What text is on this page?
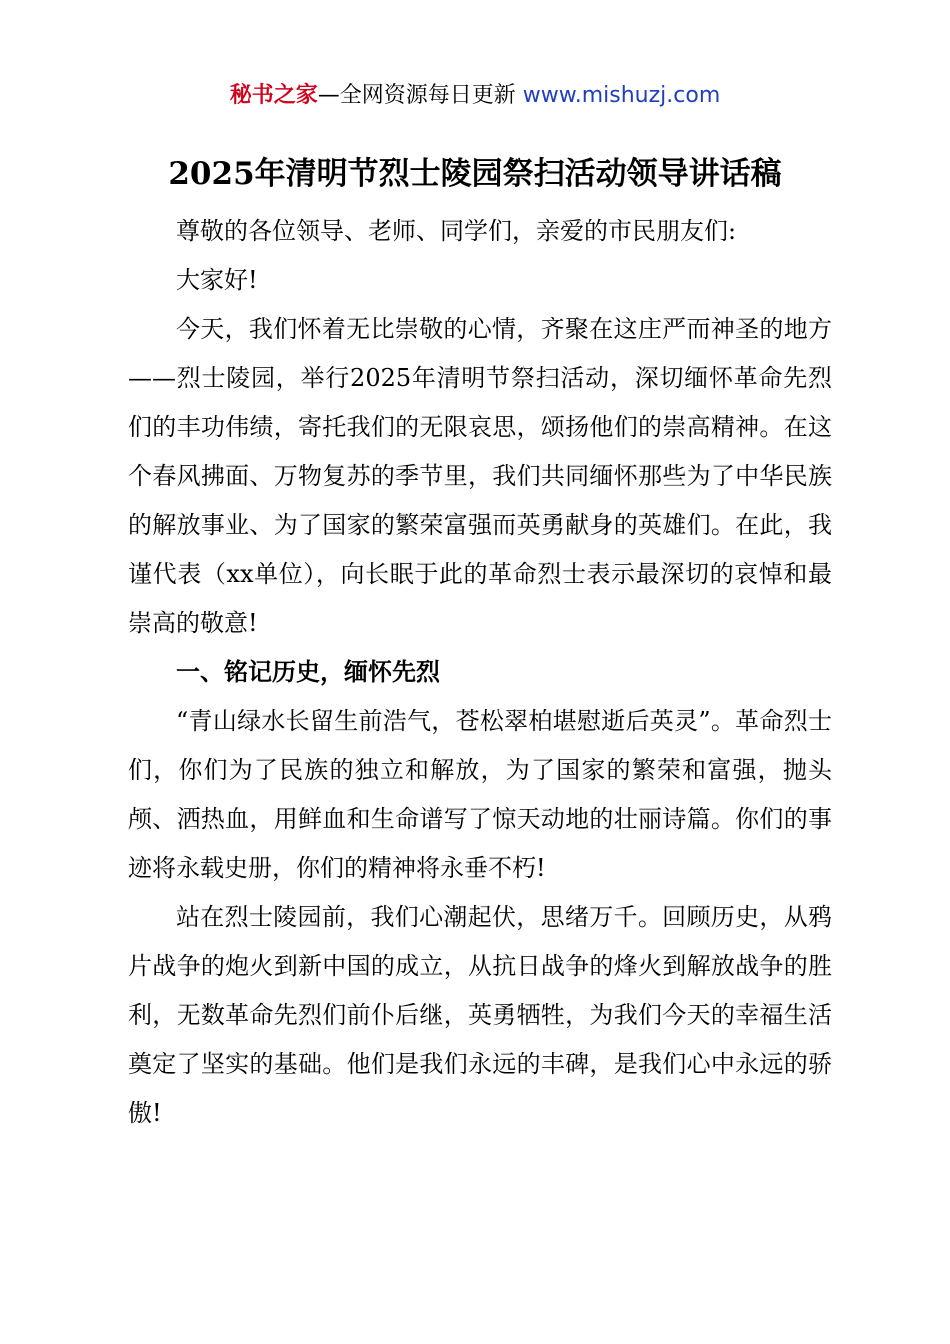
秘书之家—全网资源每日更新 www.mishuzj.com
2025年清明节烈士陵园祭扫活动领导讲话稿

尊敬的各位领导、老师、同学们，亲爱的市民朋友们:

大家好!

今天，我们怀着无比崇敬的心情，齐聚在这庄严而神圣的地方——烈士陵园，举行2025年清明节祭扫活动，深切缅怀革命先烈们的丰功伟绩，寄托我们的无限哀思，颂扬他们的崇高精神。在这个春风拂面、万物复苏的季节里，我们共同缅怀那些为了中华民族的解放事业、为了国家的繁荣富强而英勇献身的英雄们。在此，我谨代表（xx单位），向长眠于此的革命烈士表示最深切的哀悼和最崇高的敬意!

一、铭记历史，缅怀先烈

“青山绿水长留生前浩气，苍松翠柏堪慰逝后英灵”。革命烈士们，你们为了民族的独立和解放，为了国家的繁荣和富强，抛头颅、洒热血，用鲜血和生命谱写了惊天动地的壮丽诗篇。你们的事迹将永载史册，你们的精神将永垂不朽!

站在烈士陵园前，我们心潮起伏，思绪万千。回顾历史，从鸦片战争的炮火到新中国的成立，从抗日战争的烽火到解放战争的胜利，无数革命先烈们前仆后继，英勇牺牲，为我们今天的幸福生活奠定了坚实的基础。他们是我们永远的丰碑，是我们心中永远的骄傲!
